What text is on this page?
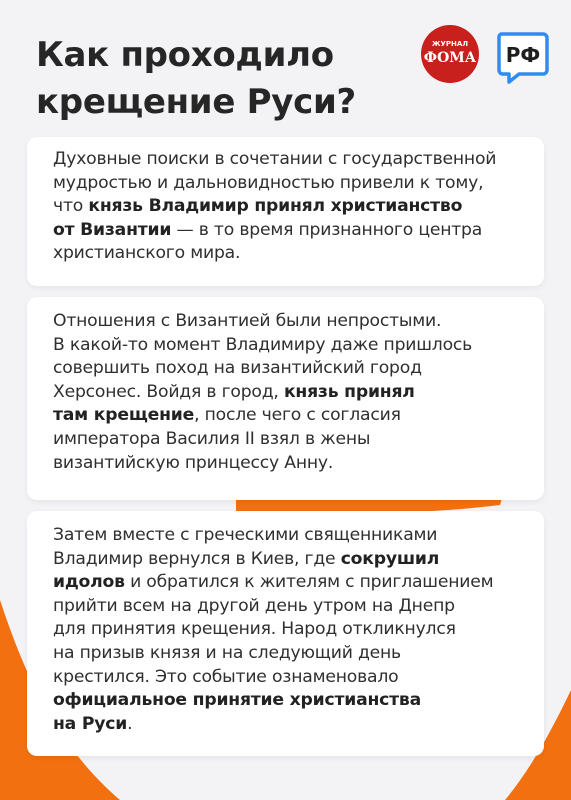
Как проходило
крещение Руси?
ЖУРНАЛ
ФОМА РФ
Духовные поиски в сочетании с государственной
мудростью и дальновидностью привели к тому,
что князь Владимир принял христианство
от Византии — в то время признанного центра
христианского мира.
Отношения с Византией были непростыми.
В какой-то момент Владимиру даже пришлось
совершить поход на византийский город
Херсонес. Войдя в город, князь принял
там крещение, после чего с согласия
императора Василия II взял в жены
византийскую принцессу Анну.
Затем вместе с греческими священниками
Владимир вернулся в Киев, где сокрушил
идолов и обратился к жителям с приглашением
прийти всем на другой день утром на Днепр
для принятия крещения. Народ откликнулся
на призыв князя и на следующий день
крестился. Это событие ознаменовало
официальное принятие христианства
на Руси.
